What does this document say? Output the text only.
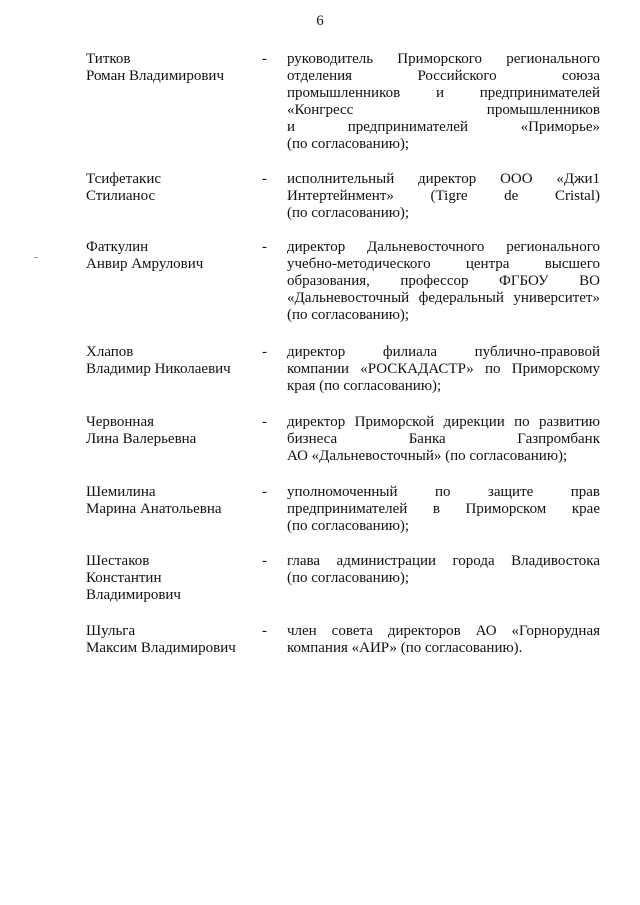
6
Титков
Роман Владимирович
- руководитель Приморского регионального
отделения Российского союза
промышленников и предпринимателей
«Конгресс промышленников
и предпринимателей «Приморье»
(по согласованию);
Тсифетакис
Стилианос
- исполнительный директор ООО «Джи1
Интертейнмент» (Tigre de Cristal)
(по согласованию);
Фаткулин
Анвир Амрулович
- директор Дальневосточного регионального
учебно-методического центра высшего
образования, профессор ФГБОУ ВО
«Дальневосточный федеральный университет»
(по согласованию);
Хлапов
Владимир Николаевич
- директор филиала публично-правовой
компании «РОСКАДАСТР» по Приморскому
края (по согласованию);
Червонная
Лина Валерьевна
- директор Приморской дирекции по развитию
бизнеса Банка Газпромбанк
АО «Дальневосточный» (по согласованию);
Шемилина
Марина Анатольевна
- уполномоченный по защите прав
предпринимателей в Приморском крае
(по согласованию);
Шестаков
Константин
Владимирович
- глава администрации города Владивостока
(по согласованию);
Шульга
Максим Владимирович
- член совета директоров АО «Горнорудная
компания «АИР» (по согласованию).
